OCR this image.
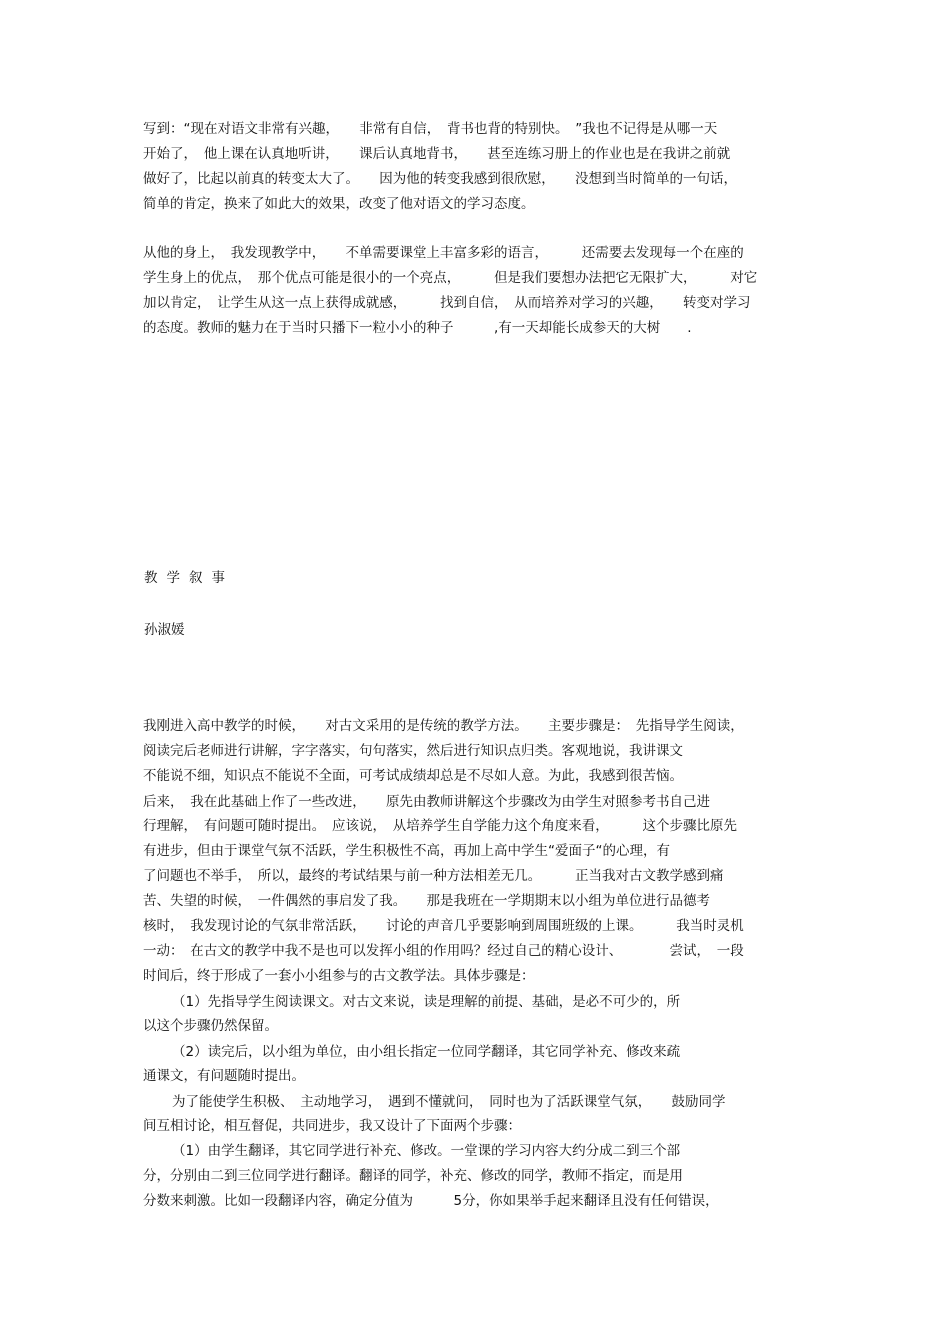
写到：“现在对语文非常有兴趣，　　非常有自信，　背书也背的特别快。　”我也不记得是从哪一天
开始了，　他上课在认真地听讲，　　课后认真地背书，　　甚至连练习册上的作业也是在我讲之前就
做好了，比起以前真的转变太大了。　　因为他的转变我感到很欣慰，　　没想到当时简单的一句话，
简单的肯定，换来了如此大的效果，改变了他对语文的学习态度。
从他的身上，　我发现教学中，　　不单需要课堂上丰富多彩的语言，　　　还需要去发现每一个在座的
学生身上的优点，　那个优点可能是很小的一个亮点，　　　但是我们要想办法把它无限扩大，　　　对它
加以肯定，　让学生从这一点上获得成就感，　　　找到自信，　从而培养对学习的兴趣，　　转变对学习
的态度。教师的魅力在于当时只播下一粒小小的种子　　　,有一天却能长成参天的大树　　.
教学叙事
孙淑媛
我刚进入高中教学的时候，　　对古文采用的是传统的教学方法。　　主要步骤是：　先指导学生阅读，
阅读完后老师进行讲解，字字落实，句句落实，然后进行知识点归类。客观地说，我讲课文
不能说不细，知识点不能说不全面，可考试成绩却总是不尽如人意。为此，我感到很苦恼。
后来，　我在此基础上作了一些改进，　　原先由教师讲解这个步骤改为由学生对照参考书自己进
行理解，　有问题可随时提出。　应该说，　从培养学生自学能力这个角度来看，　　　这个步骤比原先
有进步，但由于课堂气氛不活跃，学生积极性不高，再加上高中学生“爱面子“的心理，有
了问题也不举手，　所以，最终的考试结果与前一种方法相差无几。　　　正当我对古文教学感到痛
苦、失望的时候，　一件偶然的事启发了我。　　那是我班在一学期期末以小组为单位进行品德考
核时，　我发现讨论的气氛非常活跃，　　讨论的声音几乎要影响到周围班级的上课。　　　我当时灵机
一动：　在古文的教学中我不是也可以发挥小组的作用吗？经过自己的精心设计、　　　　尝试，　一段
时间后，终于形成了一套小小组参与的古文教学法。具体步骤是：
（1）先指导学生阅读课文。对古文来说，读是理解的前提、基础，是必不可少的，所
以这个步骤仍然保留。
（2）读完后，以小组为单位，由小组长指定一位同学翻译，其它同学补充、修改来疏
通课文，有问题随时提出。
为了能使学生积极、　主动地学习，　遇到不懂就问，　同时也为了活跃课堂气氛，　　鼓励同学
间互相讨论，相互督促，共同进步，我又设计了下面两个步骤：
（1）由学生翻译，其它同学进行补充、修改。一堂课的学习内容大约分成二到三个部
分，分别由二到三位同学进行翻译。翻译的同学，补充、修改的同学，教师不指定，而是用
分数来刺激。比如一段翻译内容，确定分值为　　　5分，你如果举手起来翻译且没有任何错误，
